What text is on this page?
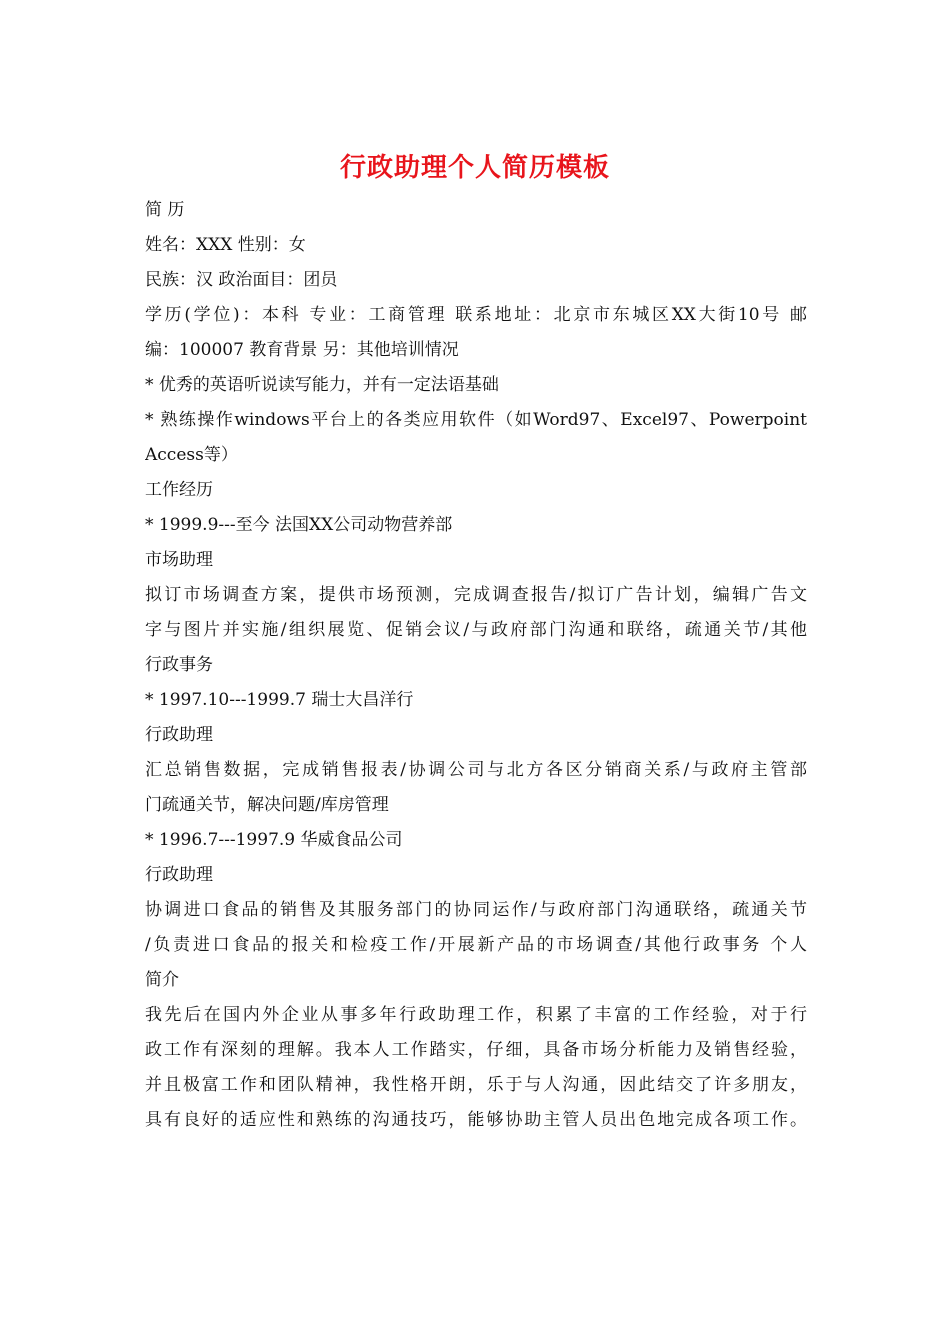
行政助理个人简历模板
简 历
姓名：XXX 性别：女
民族：汉 政治面目：团员
学历(学位)：本科 专业：工商管理 联系地址：北京市东城区XX大街10号 邮
编：100007 教育背景 另：其他培训情况
* 优秀的英语听说读写能力，并有一定法语基础
* 熟练操作windows平台上的各类应用软件（如Word97、Excel97、Powerpoint
Access等）
工作经历
* 1999.9---至今 法国XX公司动物营养部
市场助理
拟订市场调查方案，提供市场预测，完成调查报告/拟订广告计划，编辑广告文
字与图片并实施/组织展览、促销会议/与政府部门沟通和联络，疏通关节/其他
行政事务
* 1997.10---1999.7 瑞士大昌洋行
行政助理
汇总销售数据，完成销售报表/协调公司与北方各区分销商关系/与政府主管部
门疏通关节，解决问题/库房管理
* 1996.7---1997.9 华威食品公司
行政助理
协调进口食品的销售及其服务部门的协同运作/与政府部门沟通联络，疏通关节
/负责进口食品的报关和检疫工作/开展新产品的市场调查/其他行政事务 个人
简介
我先后在国内外企业从事多年行政助理工作，积累了丰富的工作经验，对于行
政工作有深刻的理解。我本人工作踏实，仔细，具备市场分析能力及销售经验，
并且极富工作和团队精神，我性格开朗，乐于与人沟通，因此结交了许多朋友，
具有良好的适应性和熟练的沟通技巧，能够协助主管人员出色地完成各项工作。
